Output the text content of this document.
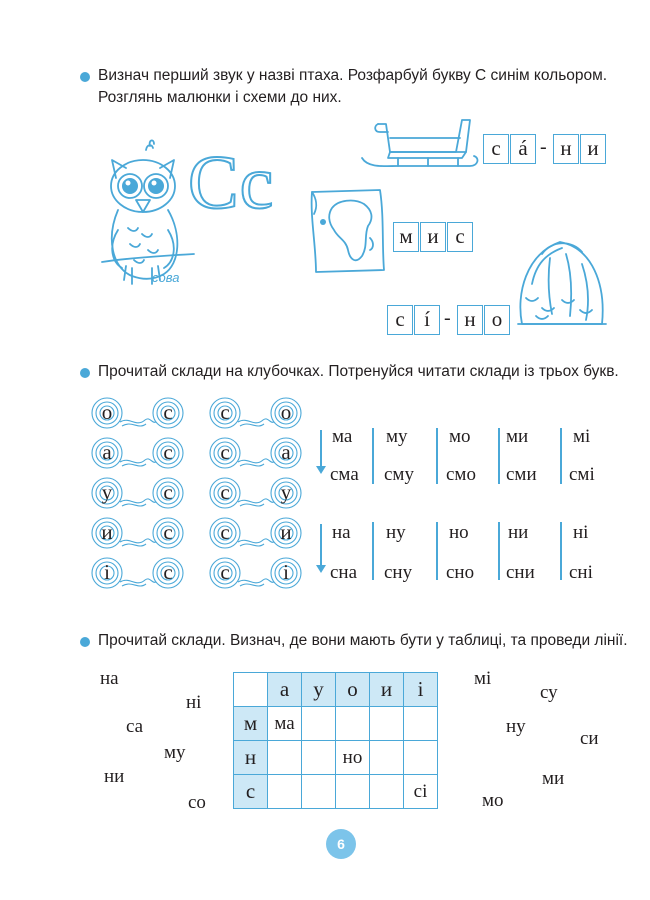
Визнач перший звук у назві птаха. Розфарбуй букву С синім кольором.
Розглянь малюнки і схеми до них.
сова
Сс	с á - н и
м и с
с í - н о
Прочитай склади на клубочках. Потренуйся читати склади із трьох букв.
о	с
а	с
у	с
и	с
і	с
с	о
с	а
с	у
с	и
с	і
ма му мо ми мі
сма сму смо сми смі
на ну но ни ні
сна сну сно сни сні
Прочитай склади. Визнач, де вони мають бути у таблиці, та проведи лінії.
на
ні
са
му
ни
со
мі
су
ну
си
ми
мо
	а	у	о	и	і
м	ма				
н			но		
с					сі
6
